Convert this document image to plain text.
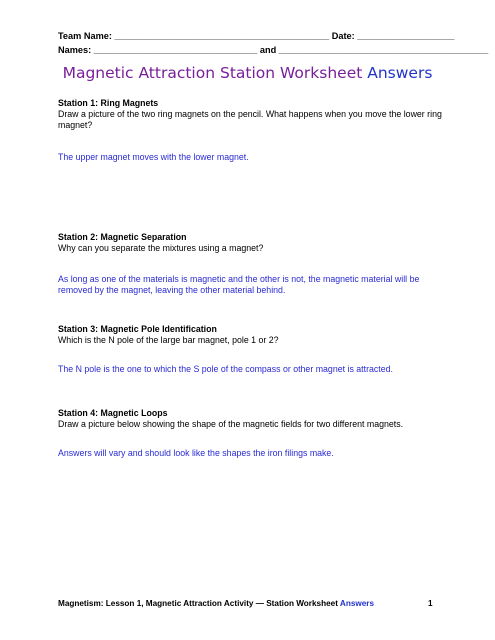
Team Name: __________________________________________ Date: ___________________
Names: ________________________________ and _________________________________________
Magnetic Attraction Station Worksheet Answers
Station 1: Ring Magnets
Draw a picture of the two ring magnets on the pencil. What happens when you move the lower ring magnet?
The upper magnet moves with the lower magnet.
Station 2: Magnetic Separation
Why can you separate the mixtures using a magnet?
As long as one of the materials is magnetic and the other is not, the magnetic material will be removed by the magnet, leaving the other material behind.
Station 3: Magnetic Pole Identification
Which is the N pole of the large bar magnet, pole 1 or 2?
The N pole is the one to which the S pole of the compass or other magnet is attracted.
Station 4: Magnetic Loops
Draw a picture below showing the shape of the magnetic fields for two different magnets.
Answers will vary and should look like the shapes the iron filings make.
Magnetism: Lesson 1, Magnetic Attraction Activity — Station Worksheet Answers	1
